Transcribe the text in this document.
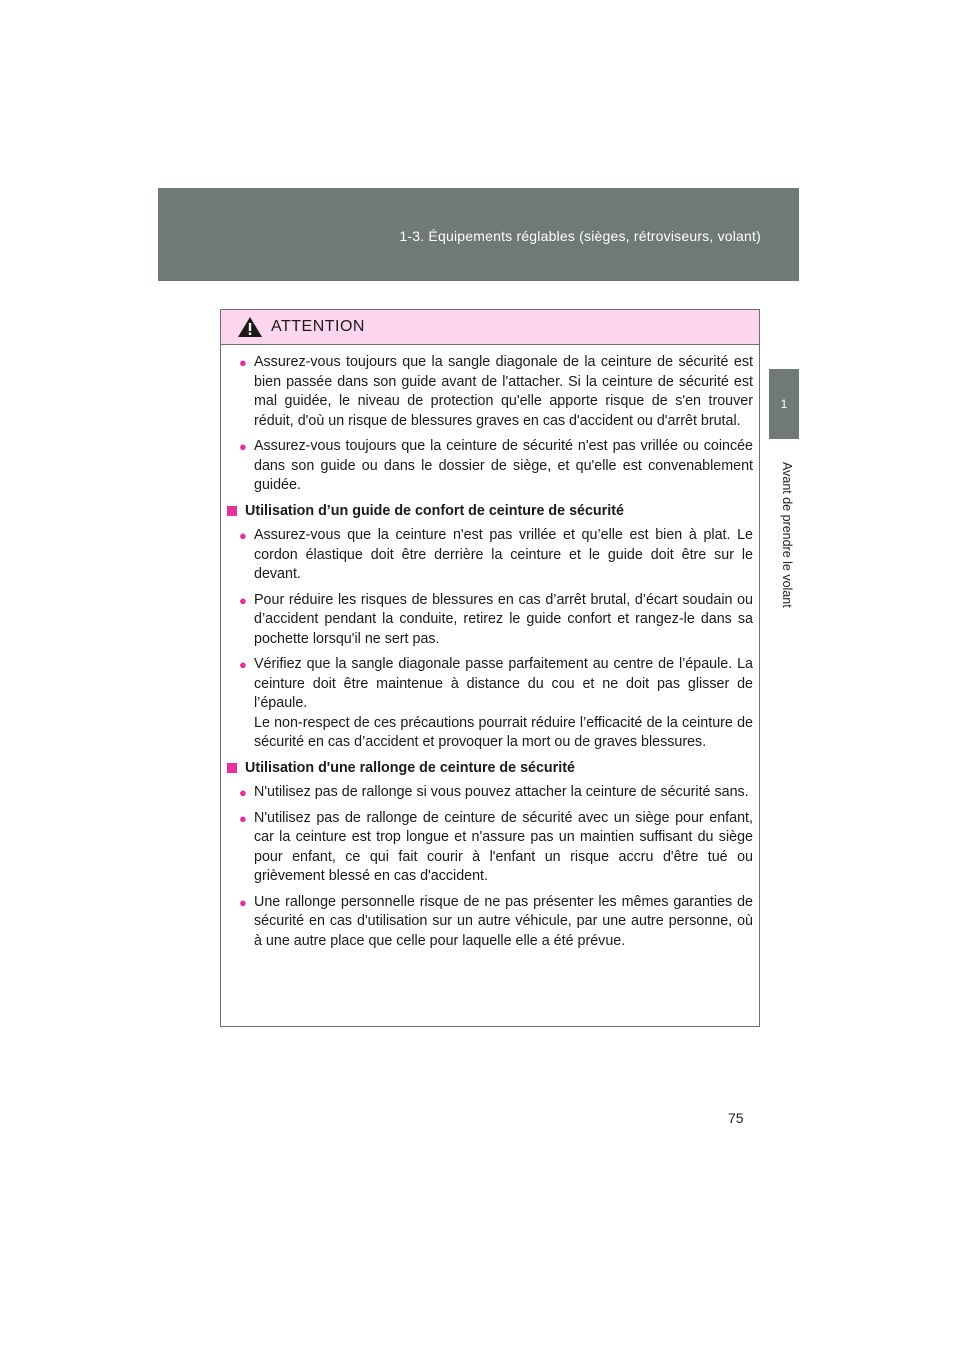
1-3. Équipements réglables (sièges, rétroviseurs, volant)
1
Avant de prendre le volant
ATTENTION
● Assurez-vous toujours que la sangle diagonale de la ceinture de sécurité est bien passée dans son guide avant de l'attacher. Si la ceinture de sécurité est mal guidée, le niveau de protection qu'elle apporte risque de s'en trouver réduit, d'où un risque de blessures graves en cas d'accident ou d'arrêt brutal.
● Assurez-vous toujours que la ceinture de sécurité n'est pas vrillée ou coincée dans son guide ou dans le dossier de siège, et qu'elle est convenablement guidée.
Utilisation d’un guide de confort de ceinture de sécurité
● Assurez-vous que la ceinture n'est pas vrillée et qu’elle est bien à plat. Le cordon élastique doit être derrière la ceinture et le guide doit être sur le devant.
● Pour réduire les risques de blessures en cas d’arrêt brutal, d’écart soudain ou d’accident pendant la conduite, retirez le guide confort et rangez-le dans sa pochette lorsqu'il ne sert pas.
● Vérifiez que la sangle diagonale passe parfaitement au centre de l’épaule. La ceinture doit être maintenue à distance du cou et ne doit pas glisser de l’épaule.
Le non-respect de ces précautions pourrait réduire l’efficacité de la ceinture de sécurité en cas d’accident et provoquer la mort ou de graves blessures.
Utilisation d'une rallonge de ceinture de sécurité
● N'utilisez pas de rallonge si vous pouvez attacher la ceinture de sécurité sans.
● N'utilisez pas de rallonge de ceinture de sécurité avec un siège pour enfant, car la ceinture est trop longue et n'assure pas un maintien suffisant du siège pour enfant, ce qui fait courir à l'enfant un risque accru d'être tué ou grièvement blessé en cas d'accident.
● Une rallonge personnelle risque de ne pas présenter les mêmes garanties de sécurité en cas d'utilisation sur un autre véhicule, par une autre personne, où à une autre place que celle pour laquelle elle a été prévue.
75
